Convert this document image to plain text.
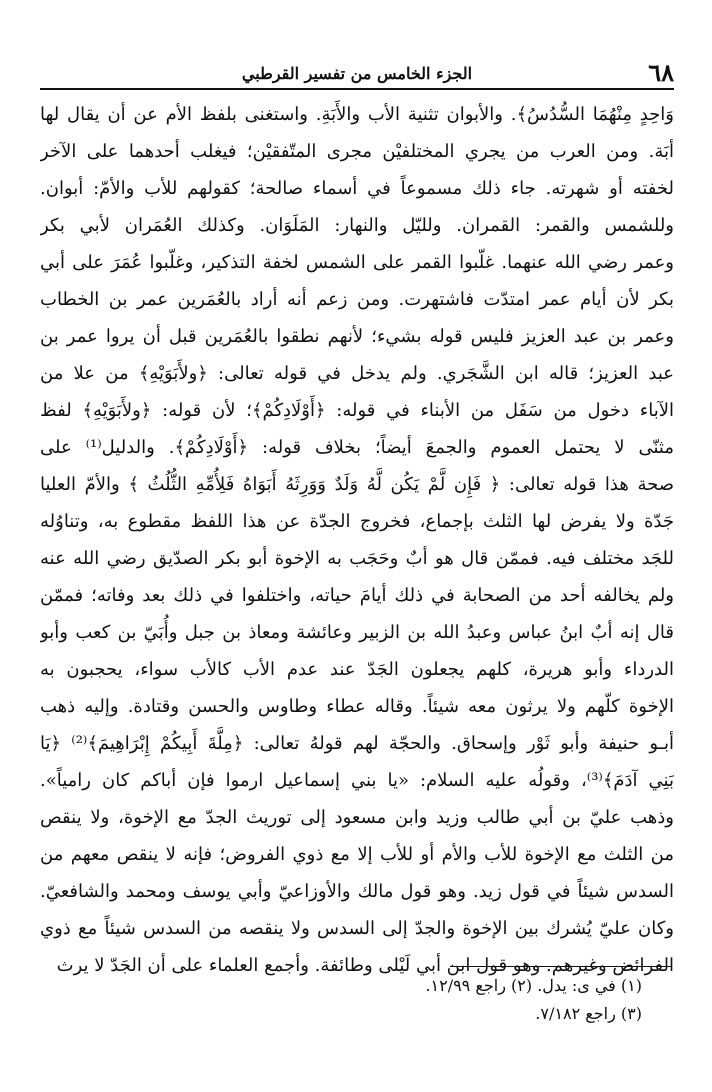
٦٨
الجزء الخامس من تفسير القرطبي
وَاحِدٍ مِنْهُمَا السُّدُسُ﴾. والأبوان تثنية الأب والأَبَةِ. واستغنى بلفظ الأم عن أن يقال لها
أبَة. ومن العرب من يجري المختلفيْن مجرى المتّفقيْن؛ فيغلب أحدهما على الآخر
لخفته أو شهرته. جاء ذلك مسموعاً في أسماء صالحة؛ كقولهم للأب والأمّ: أبوان.
وللشمس والقمر: القمران. ولليّل والنهار: المَلَوَان. وكذلك العُمَران لأبي بكر
وعمر رضي الله عنهما. غلّبوا القمر على الشمس لخفة التذكير، وغلّبوا عُمَرَ على أبي
بكر لأن أيام عمر امتدّت فاشتهرت. ومن زعم أنه أراد بالعُمَرين عمر بن الخطاب
وعمر بن عبد العزيز فليس قوله بشيء؛ لأنهم نطقوا بالعُمَرين قبل أن يروا عمر بن
عبد العزيز؛ قاله ابن الشَّجَري. ولم يدخل في قوله تعالى: ﴿ولأَبَوَيْهِ﴾ من علا من
الآباء دخول من سَفَل من الأبناء في قوله: ﴿أَوْلَادِكُمْ﴾؛ لأن قوله: ﴿ولأَبَوَيْهِ﴾ لفظ
مثنّى لا يحتمل العموم والجمعَ أيضاً؛ بخلاف قوله: ﴿أَوْلَادِكُمْ﴾. والدليل⁽¹⁾ على
صحة هذا قوله تعالى: ﴿ فَإِن لَّمْ يَكُن لَّهُ وَلَدٌ وَوَرِثَهُ أَبَوَاهُ فَلِأُمِّهِ الثُّلُثُ ﴾ والأمّ العليا
جَدّة ولا يفرض لها الثلث بإجماع، فخروج الجدّة عن هذا اللفظ مقطوع به، وتناوُله
للجَد مختلف فيه. فممّن قال هو أبٌ وحَجَب به الإخوة أبو بكر الصدّيق رضي الله عنه
ولم يخالفه أحد من الصحابة في ذلك أيامَ حياته، واختلفوا في ذلك بعد وفاته؛ فممّن
قال إنه أبٌ ابنُ عباس وعبدُ الله بن الزبير وعائشة ومعاذ بن جبل وأُبَيّ بن كعب وأبو
الدرداء وأبو هريرة، كلهم يجعلون الجَدّ عند عدم الأب كالأب سواء، يحجبون به
الإخوة كلّهم ولا يرثون معه شيئاً. وقاله عطاء وطاوس والحسن وقتادة. وإليه ذهب
أبـو حنيفة وأبو ثَوْر وإسحاق. والحجّة لهم قولهُ تعالى: ﴿مِلَّةَ أَبِيكُمْ إِبْرَاهِيمَ﴾⁽²⁾ ﴿يَا
بَنِي آدَمَ﴾⁽³⁾، وقولُه عليه السلام: «يا بني إسماعيل ارموا فإن أباكم كان رامياً».
وذهب عليّ بن أبي طالب وزيد وابن مسعود إلى توريث الجدّ مع الإخوة، ولا ينقص
من الثلث مع الإخوة للأب والأم أو للأب إلا مع ذوي الفروض؛ فإنه لا ينقص معهم من
السدس شيئاً في قول زيد. وهو قول مالك والأوزاعيّ وأبي يوسف ومحمد والشافعيّ.
وكان عليّ يُشرك بين الإخوة والجدّ إلى السدس ولا ينقصه من السدس شيئاً مع ذوي
الفرائض وغيرهم. وهو قول ابن أبي لَيْلى وطائفة. وأجمع العلماء على أن الجَدّ لا يرث
(١) في ى: يدل. (٢) راجع ١٢/٩٩.
(٣) راجع ٧/١٨٢.
